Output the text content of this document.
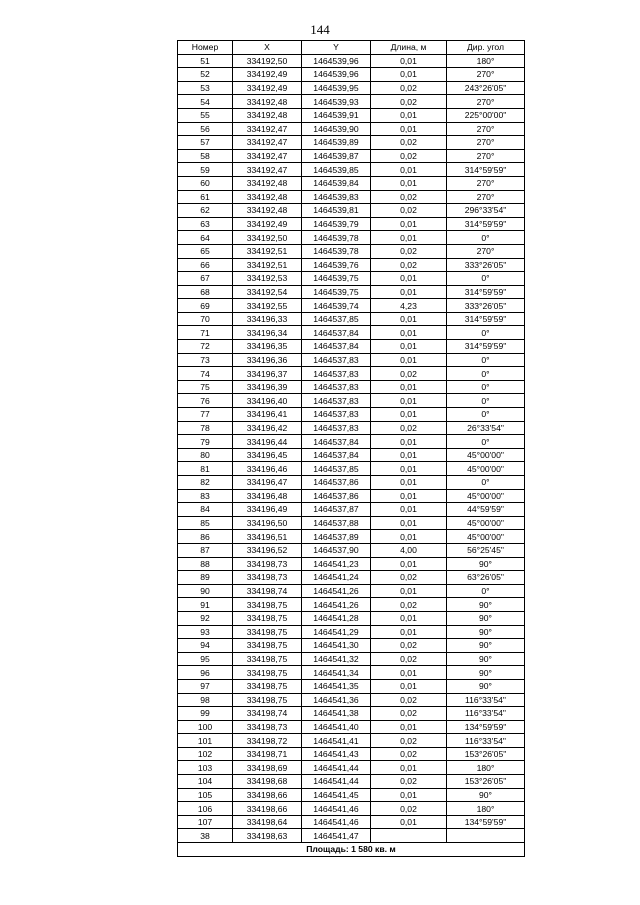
144
Номер	X	Y	Длина, м	Дир. угол
51	334192,50	1464539,96	0,01	180°
52	334192,49	1464539,96	0,01	270°
53	334192,49	1464539,95	0,02	243°26'05"
54	334192,48	1464539,93	0,02	270°
55	334192,48	1464539,91	0,01	225°00'00"
56	334192,47	1464539,90	0,01	270°
57	334192,47	1464539,89	0,02	270°
58	334192,47	1464539,87	0,02	270°
59	334192,47	1464539,85	0,01	314°59'59"
60	334192,48	1464539,84	0,01	270°
61	334192,48	1464539,83	0,02	270°
62	334192,48	1464539,81	0,02	296°33'54"
63	334192,49	1464539,79	0,01	314°59'59"
64	334192,50	1464539,78	0,01	0°
65	334192,51	1464539,78	0,02	270°
66	334192,51	1464539,76	0,02	333°26'05"
67	334192,53	1464539,75	0,01	0°
68	334192,54	1464539,75	0,01	314°59'59"
69	334192,55	1464539,74	4,23	333°26'05"
70	334196,33	1464537,85	0,01	314°59'59"
71	334196,34	1464537,84	0,01	0°
72	334196,35	1464537,84	0,01	314°59'59"
73	334196,36	1464537,83	0,01	0°
74	334196,37	1464537,83	0,02	0°
75	334196,39	1464537,83	0,01	0°
76	334196,40	1464537,83	0,01	0°
77	334196,41	1464537,83	0,01	0°
78	334196,42	1464537,83	0,02	26°33'54"
79	334196,44	1464537,84	0,01	0°
80	334196,45	1464537,84	0,01	45°00'00"
81	334196,46	1464537,85	0,01	45°00'00"
82	334196,47	1464537,86	0,01	0°
83	334196,48	1464537,86	0,01	45°00'00"
84	334196,49	1464537,87	0,01	44°59'59"
85	334196,50	1464537,88	0,01	45°00'00"
86	334196,51	1464537,89	0,01	45°00'00"
87	334196,52	1464537,90	4,00	56°25'45"
88	334198,73	1464541,23	0,01	90°
89	334198,73	1464541,24	0,02	63°26'05"
90	334198,74	1464541,26	0,01	0°
91	334198,75	1464541,26	0,02	90°
92	334198,75	1464541,28	0,01	90°
93	334198,75	1464541,29	0,01	90°
94	334198,75	1464541,30	0,02	90°
95	334198,75	1464541,32	0,02	90°
96	334198,75	1464541,34	0,01	90°
97	334198,75	1464541,35	0,01	90°
98	334198,75	1464541,36	0,02	116°33'54"
99	334198,74	1464541,38	0,02	116°33'54"
100	334198,73	1464541,40	0,01	134°59'59"
101	334198,72	1464541,41	0,02	116°33'54"
102	334198,71	1464541,43	0,02	153°26'05"
103	334198,69	1464541,44	0,01	180°
104	334198,68	1464541,44	0,02	153°26'05"
105	334198,66	1464541,45	0,01	90°
106	334198,66	1464541,46	0,02	180°
107	334198,64	1464541,46	0,01	134°59'59"
38	334198,63	1464541,47		
Площадь: 1 580 кв. м				
